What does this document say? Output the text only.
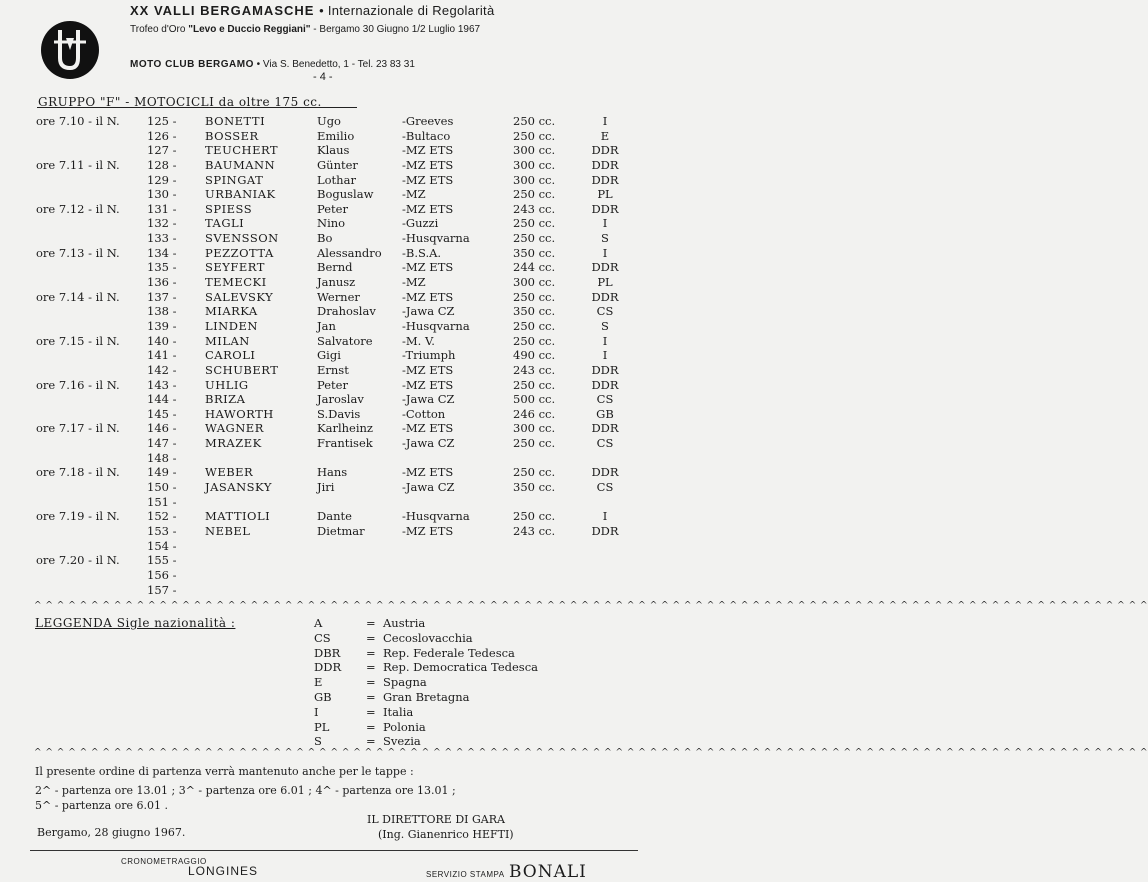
XX VALLI BERGAMASCHE • Internazionale di Regolarità
Trofeo d'Oro "Levo e Duccio Reggiani" - Bergamo 30 Giugno 1/2 Luglio 1967
MOTO CLUB BERGAMO • Via S. Benedetto, 1 - Tel. 23 83 31
- 4 -
GRUPPO "F" - MOTOCICLI da oltre 175 cc.
ore 7.10 - il N. 125 - BONETTI	Ugo	-Greeves	250 cc.	I
126 - BOSSER	Emilio	-Bultaco	250 cc.	E
127 - TEUCHERT	Klaus	-MZ ETS	300 cc.	DDR
ore 7.11 - il N. 128 - BAUMANN	Günter	-MZ ETS	300 cc.	DDR
129 - SPINGAT	Lothar	-MZ ETS	300 cc.	DDR
130 - URBANIAK	Boguslaw -MZ	250 cc.	PL
ore 7.12 - il N. 131 - SPIESS	Peter	-MZ ETS	243 cc.	DDR
132 - TAGLI	Nino	-Guzzi	250 cc.	I
133 - SVENSSON	Bo	-Husqvarna	250 cc.	S
ore 7.13 - il N. 134 - PEZZOTTA	Alessandro -B.S.A.	350 cc.	I
135 - SEYFERT	Bernd	-MZ ETS	244 cc.	DDR
136 - TEMECKI	Janusz	-MZ	300 cc.	PL
ore 7.14 - il N. 137 - SALEVSKY	Werner	-MZ ETS	250 cc.	DDR
138 - MIARKA	Drahoslav -Jawa CZ	350 cc.	CS
139 - LINDEN	Jan	-Husqvarna	250 cc.	S
ore 7.15 - il N. 140 - MILAN	Salvatore	-M. V.	250 cc.	I
141 - CAROLI	Gigi	-Triumph	490 cc.	I
142 - SCHUBERT	Ernst	-MZ ETS	243 cc.	DDR
ore 7.16 - il N. 143 - UHLIG	Peter	-MZ ETS	250 cc.	DDR
144 - BRIZA	Jaroslav	-Jawa CZ	500 cc.	CS
145 - HAWORTH	S.Davis	-Cotton	246 cc.	GB
ore 7.17 - il N. 146 - WAGNER	Karlheinz	-MZ ETS	300 cc.	DDR
147 - MRAZEK	Frantisek	-Jawa CZ	250 cc.	CS
148 -
ore 7.18 - il N. 149 - WEBER	Hans	-MZ ETS	250 cc.	DDR
150 - JASANSKY	Jiri	-Jawa CZ	350 cc.	CS
151 -
ore 7.19 - il N. 152 - MATTIOLI	Dante	-Husqvarna	250 cc.	I
153 - NEBEL	Dietmar	-MZ ETS	243 cc.	DDR
154 -
ore 7.20 - il N. 155 -
156 -
157 -
^ ^ ^ ^ ^ ^ ^ ^ ^ ^ ^ ^ ^ ^ ^ ^ ^ ^ ^ ^ ^ ^ ^ ^ ^ ^ ^ ^ ^ ^ ^ ^ ^ ^ ^ ^ ^ ^ ^ ^ ^ ^ ^ ^ ^ ^ ^ ^ ^ ^ ^ ^ ^ ^ ^ ^ ^ ^ ^ ^ ^ ^ ^ ^ ^ ^ ^ ^ ^ ^ ^ ^ ^ ^ ^ ^ ^ ^ ^ ^ ^ ^ ^ ^ ^ ^ ^ ^ ^ ^ ^ ^ ^ ^ ^ ^ ^ ^
LEGGENDA Sigle nazionalità :	A	= Austria
CS	= Cecoslovacchia
DBR = Rep. Federale Tedesca
DDR = Rep. Democratica Tedesca
E	= Spagna
GB	= Gran Bretagna
I	= Italia
PL	= Polonia
S	= Svezia
^ ^ ^ ^ ^ ^ ^ ^ ^ ^ ^ ^ ^ ^ ^ ^ ^ ^ ^ ^ ^ ^ ^ ^ ^ ^ ^ ^ ^ ^ ^ ^ ^ ^ ^ ^ ^ ^ ^ ^ ^ ^ ^ ^ ^ ^ ^ ^ ^ ^ ^ ^ ^ ^ ^ ^ ^ ^ ^ ^ ^ ^ ^ ^ ^ ^ ^ ^ ^ ^ ^ ^ ^ ^ ^ ^ ^ ^ ^ ^ ^ ^ ^ ^ ^ ^ ^ ^ ^ ^ ^ ^ ^ ^ ^ ^ ^ ^
Il presente ordine di partenza verrà mantenuto anche per le tappe :
2^ - partenza ore 13.01 ; 3^ - partenza ore 6.01 ; 4^ - partenza ore 13.01 ;
5^ - partenza ore 6.01 .
Bergamo, 28 giugno 1967.
IL DIRETTORE DI GARA
(Ing. Gianenrico HEFTI)
CRONOMETRAGGIO
LONGINES	SERVIZIO STAMPA BONALI
